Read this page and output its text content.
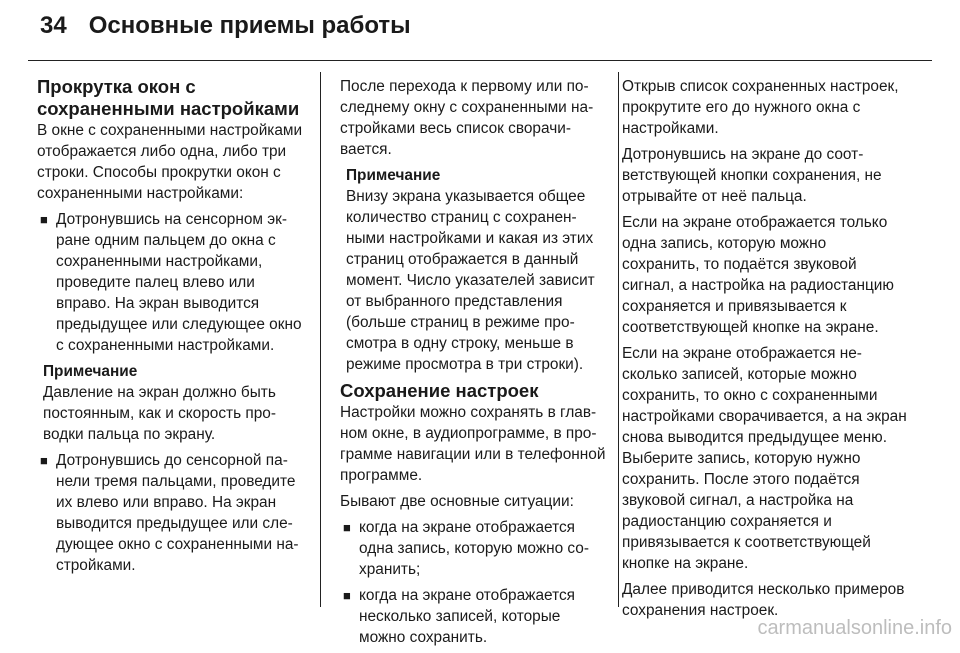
34 Основные приемы работы
Прокрутка окон с сохраненными настройками

В окне с сохраненными настройками отображается либо одна, либо три строки. Способы прокрутки окон с сохраненными настройками:

■ Дотронувшись на сенсорном экране одним пальцем до окна с сохраненными настройками, проведите палец влево или вправо. На экран выводится предыдущее или следующее окно с сохраненными настройками.
Примечание
Давление на экран должно быть постоянным, как и скорость проводки пальца по экрану.
■ Дотронувшись до сенсорной панели тремя пальцами, проведите их влево или вправо. На экран выводится предыдущее или следующее окно с сохраненными настройками.

После перехода к первому или последнему окну с сохраненными настройками весь список сворачивается.

Примечание
Внизу экрана указывается общее количество страниц с сохраненными настройками и какая из этих страниц отображается в данный момент. Число указателей зависит от выбранного представления (больше страниц в режиме просмотра в одну строку, меньше в режиме просмотра в три строки).
Сохранение настроек

Настройки можно сохранять в главном окне, в аудиопрограмме, в программе навигации или в телефонной программе.

Бывают две основные ситуации:

■ когда на экране отображается одна запись, которую можно сохранить;
■ когда на экране отображается несколько записей, которые можно сохранить.

Открыв список сохраненных настроек, прокрутите его до нужного окна с настройками.

Дотронувшись на экране до соответствующей кнопки сохранения, не отрывайте от неё пальца.

Если на экране отображается только одна запись, которую можно сохранить, то подаётся звуковой сигнал, а настройка на радиостанцию сохраняется и привязывается к соответствующей кнопке на экране.

Если на экране отображается несколько записей, которые можно сохранить, то окно с сохраненными настройками сворачивается, а на экран снова выводится предыдущее меню. Выберите запись, которую нужно сохранить. После этого подаётся звуковой сигнал, а настройка на радиостанцию сохраняется и привязывается к соответствующей кнопке на экране.

Далее приводится несколько примеров сохранения настроек.

carmanualsonline.info
